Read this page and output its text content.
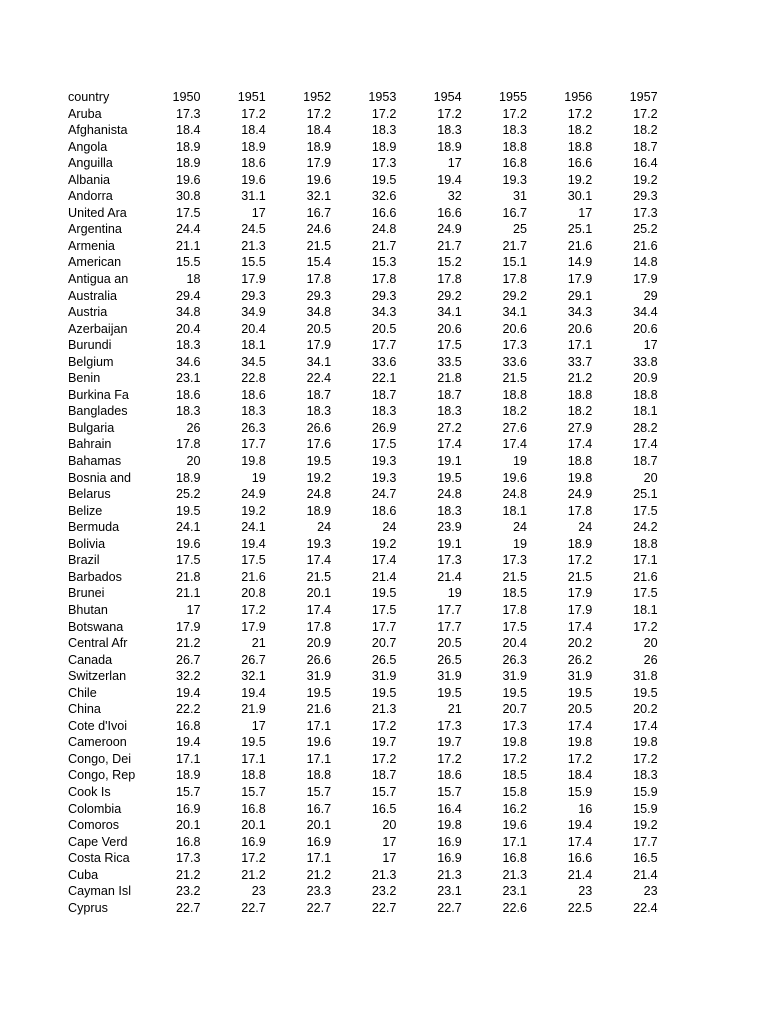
country	1950	1951	1952	1953	1954	1955	1956	1957
Aruba	17.3	17.2	17.2	17.2	17.2	17.2	17.2	17.2
Afghanista	18.4	18.4	18.4	18.3	18.3	18.3	18.2	18.2
Angola	18.9	18.9	18.9	18.9	18.9	18.8	18.8	18.7
Anguilla	18.9	18.6	17.9	17.3	17	16.8	16.6	16.4
Albania	19.6	19.6	19.6	19.5	19.4	19.3	19.2	19.2
Andorra	30.8	31.1	32.1	32.6	32	31	30.1	29.3
United Ara	17.5	17	16.7	16.6	16.6	16.7	17	17.3
Argentina	24.4	24.5	24.6	24.8	24.9	25	25.1	25.2
Armenia	21.1	21.3	21.5	21.7	21.7	21.7	21.6	21.6
American	15.5	15.5	15.4	15.3	15.2	15.1	14.9	14.8
Antigua an	18	17.9	17.8	17.8	17.8	17.8	17.9	17.9
Australia	29.4	29.3	29.3	29.3	29.2	29.2	29.1	29
Austria	34.8	34.9	34.8	34.3	34.1	34.1	34.3	34.4
Azerbaijan	20.4	20.4	20.5	20.5	20.6	20.6	20.6	20.6
Burundi	18.3	18.1	17.9	17.7	17.5	17.3	17.1	17
Belgium	34.6	34.5	34.1	33.6	33.5	33.6	33.7	33.8
Benin	23.1	22.8	22.4	22.1	21.8	21.5	21.2	20.9
Burkina Fa	18.6	18.6	18.7	18.7	18.7	18.8	18.8	18.8
Banglades	18.3	18.3	18.3	18.3	18.3	18.2	18.2	18.1
Bulgaria	26	26.3	26.6	26.9	27.2	27.6	27.9	28.2
Bahrain	17.8	17.7	17.6	17.5	17.4	17.4	17.4	17.4
Bahamas	20	19.8	19.5	19.3	19.1	19	18.8	18.7
Bosnia and	18.9	19	19.2	19.3	19.5	19.6	19.8	20
Belarus	25.2	24.9	24.8	24.7	24.8	24.8	24.9	25.1
Belize	19.5	19.2	18.9	18.6	18.3	18.1	17.8	17.5
Bermuda	24.1	24.1	24	24	23.9	24	24	24.2
Bolivia	19.6	19.4	19.3	19.2	19.1	19	18.9	18.8
Brazil	17.5	17.5	17.4	17.4	17.3	17.3	17.2	17.1
Barbados	21.8	21.6	21.5	21.4	21.4	21.5	21.5	21.6
Brunei	21.1	20.8	20.1	19.5	19	18.5	17.9	17.5
Bhutan	17	17.2	17.4	17.5	17.7	17.8	17.9	18.1
Botswana	17.9	17.9	17.8	17.7	17.7	17.5	17.4	17.2
Central Afr	21.2	21	20.9	20.7	20.5	20.4	20.2	20
Canada	26.7	26.7	26.6	26.5	26.5	26.3	26.2	26
Switzerlan	32.2	32.1	31.9	31.9	31.9	31.9	31.9	31.8
Chile	19.4	19.4	19.5	19.5	19.5	19.5	19.5	19.5
China	22.2	21.9	21.6	21.3	21	20.7	20.5	20.2
Cote d'Ivoi	16.8	17	17.1	17.2	17.3	17.3	17.4	17.4
Cameroon	19.4	19.5	19.6	19.7	19.7	19.8	19.8	19.8
Congo, Dei	17.1	17.1	17.1	17.2	17.2	17.2	17.2	17.2
Congo, Rep	18.9	18.8	18.8	18.7	18.6	18.5	18.4	18.3
Cook Is	15.7	15.7	15.7	15.7	15.7	15.8	15.9	15.9
Colombia	16.9	16.8	16.7	16.5	16.4	16.2	16	15.9
Comoros	20.1	20.1	20.1	20	19.8	19.6	19.4	19.2
Cape Verd	16.8	16.9	16.9	17	16.9	17.1	17.4	17.7
Costa Rica	17.3	17.2	17.1	17	16.9	16.8	16.6	16.5
Cuba	21.2	21.2	21.2	21.3	21.3	21.3	21.4	21.4
Cayman Isl	23.2	23	23.3	23.2	23.1	23.1	23	23
Cyprus	22.7	22.7	22.7	22.7	22.7	22.6	22.5	22.4
